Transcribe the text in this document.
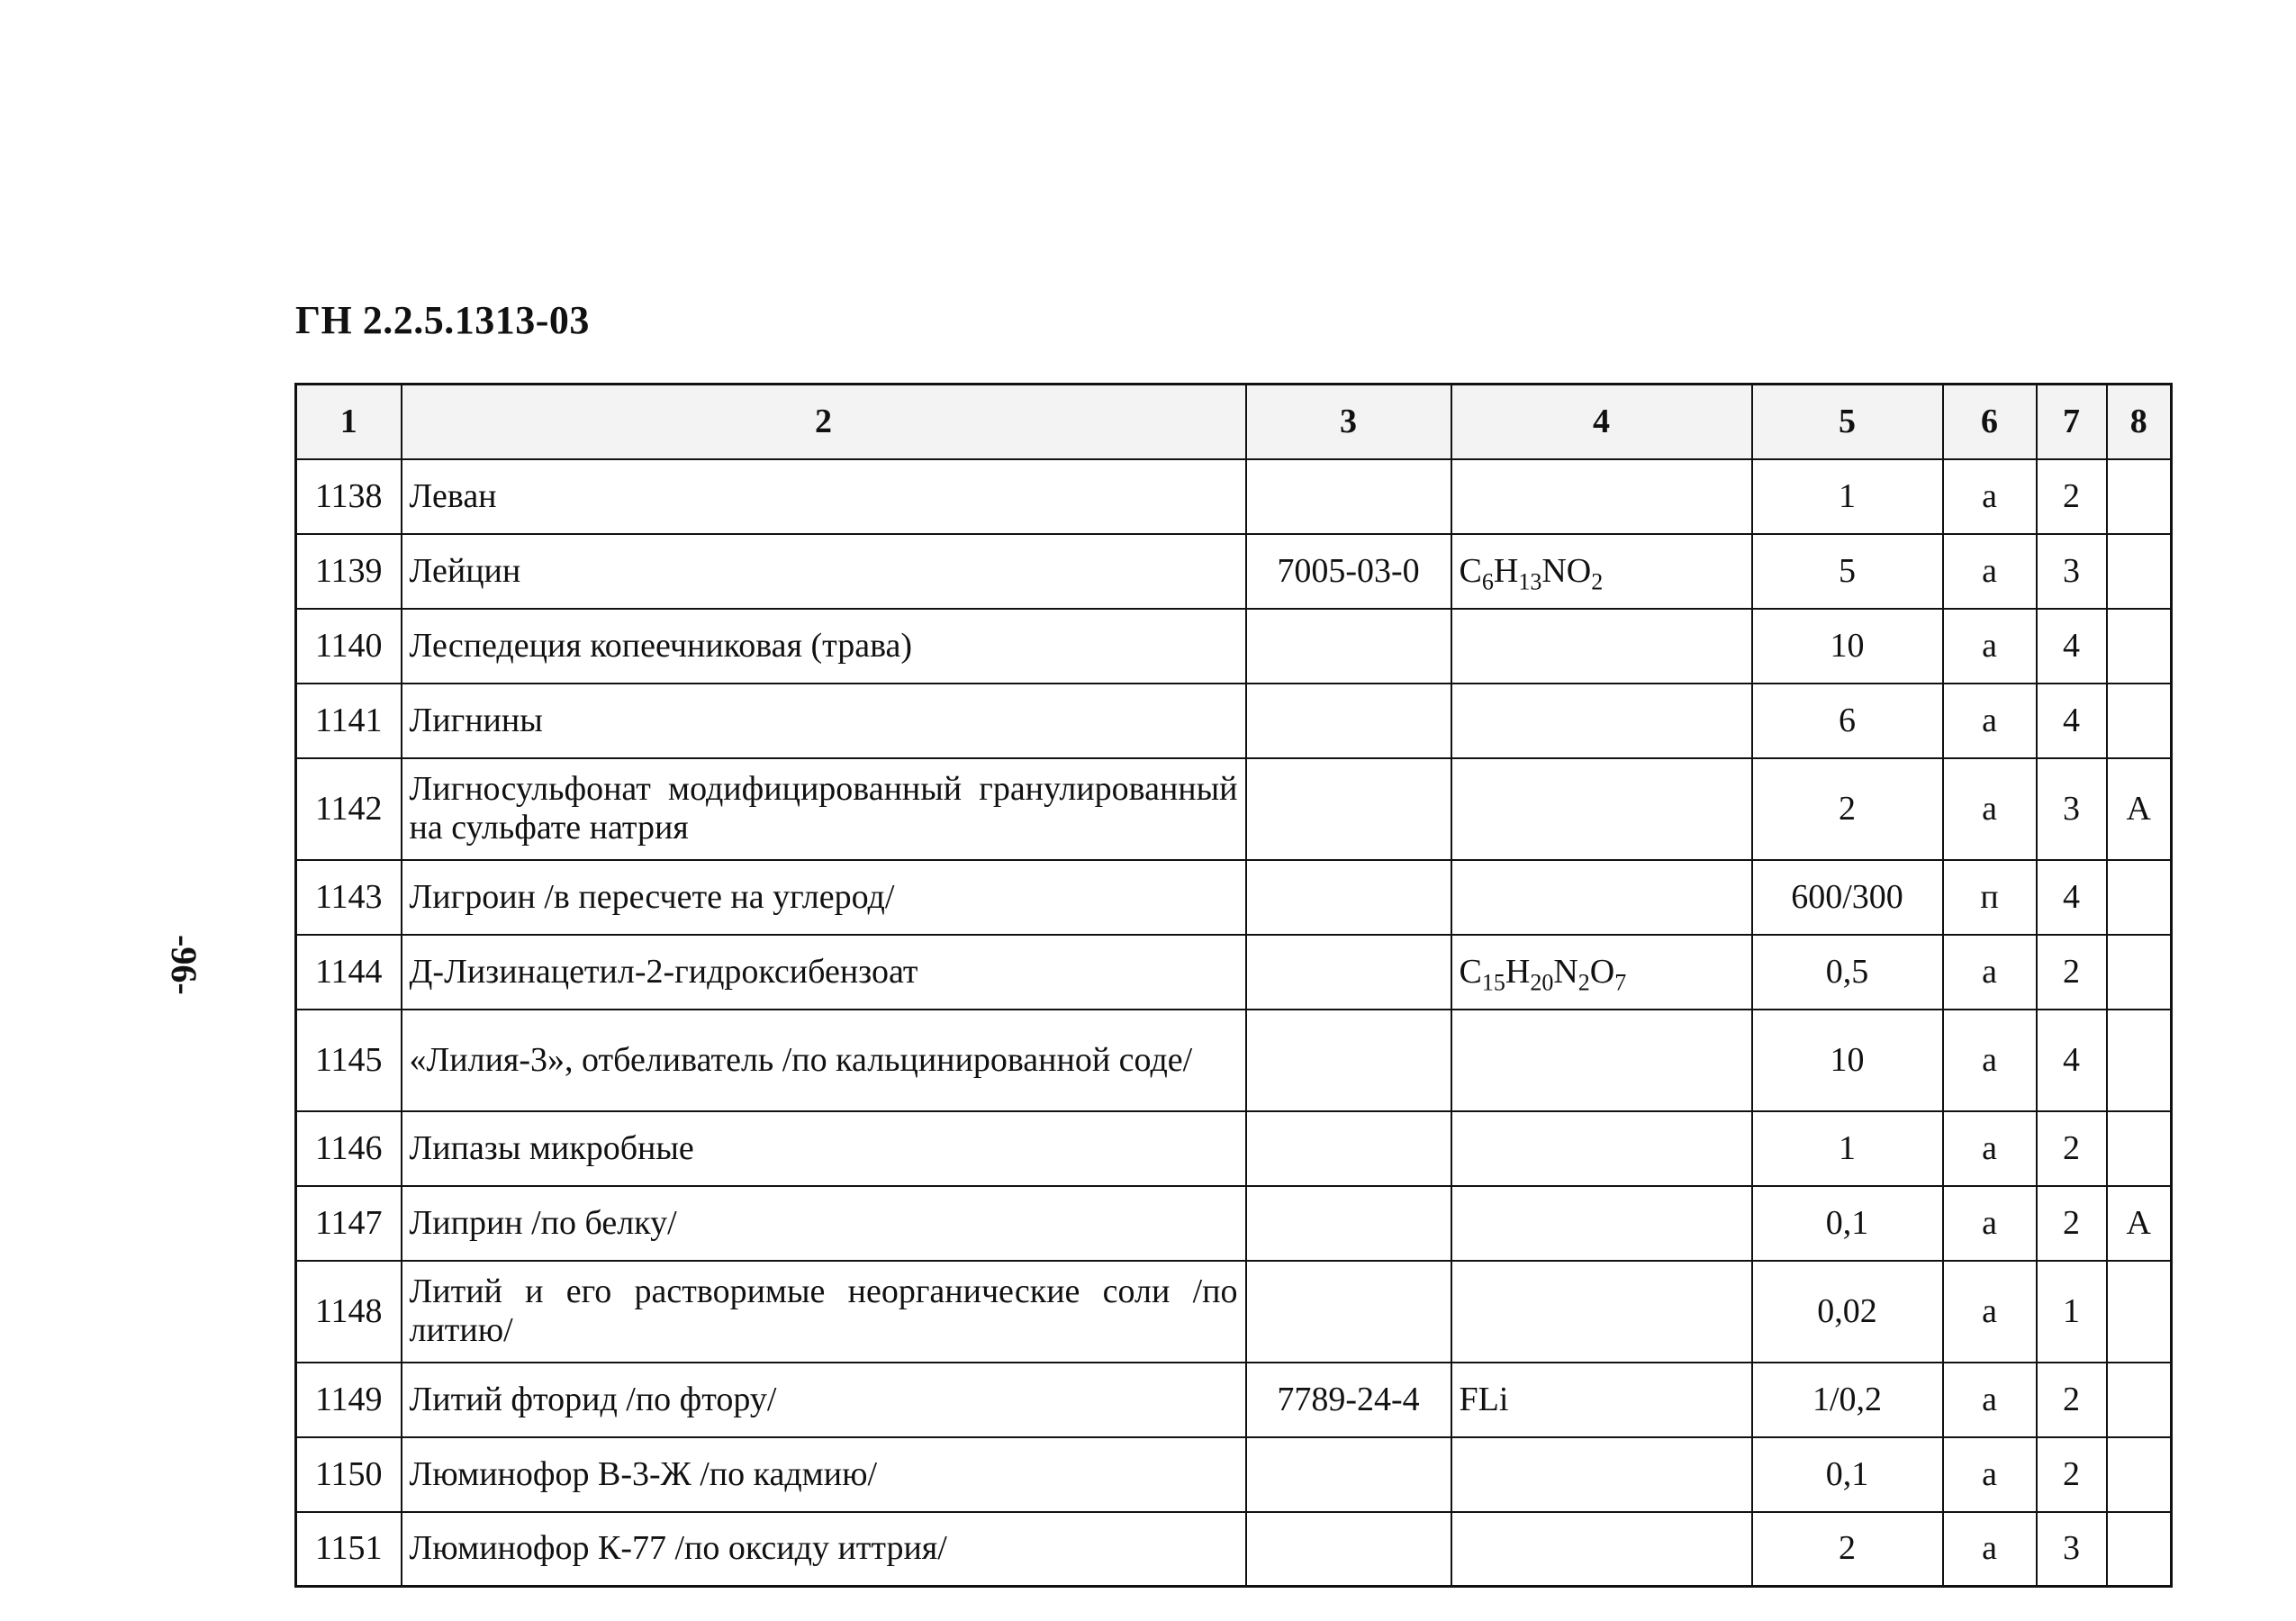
ГН 2.2.5.1313-03
-96-
1	2	3	4	5	6	7	8
1138	Леван			1	а	2	
1139	Лейцин	7005-03-0	$C_6H_{13}NO_2$	5	а	3	
1140	Леспедеция копеечниковая (трава)			10	а	4	
1141	Лигнины			6	а	4	
1142	Лигносульфонат модифицированный гранулированный на сульфате натрия			2	а	3	А
1143	Лигроин /в пересчете на углерод/			600/300	п	4	
1144	Д-Лизинацетил-2-гидроксибензоат		$C_{15}H_{20}N_2O_7$	0,5	а	2	
1145	«Лилия-3», отбеливатель /по кальцинированной соде/			10	а	4	
1146	Липазы микробные			1	а	2	
1147	Липрин /по белку/			0,1	а	2	А
1148	Литий и его растворимые неорганические соли /по литию/			0,02	а	1	
1149	Литий фторид /по фтору/	7789-24-4	FLi	1/0,2	а	2	
1150	Люминофор В-3-Ж /по кадмию/			0,1	а	2	
1151	Люминофор К-77 /по оксиду иттрия/			2	а	3	
